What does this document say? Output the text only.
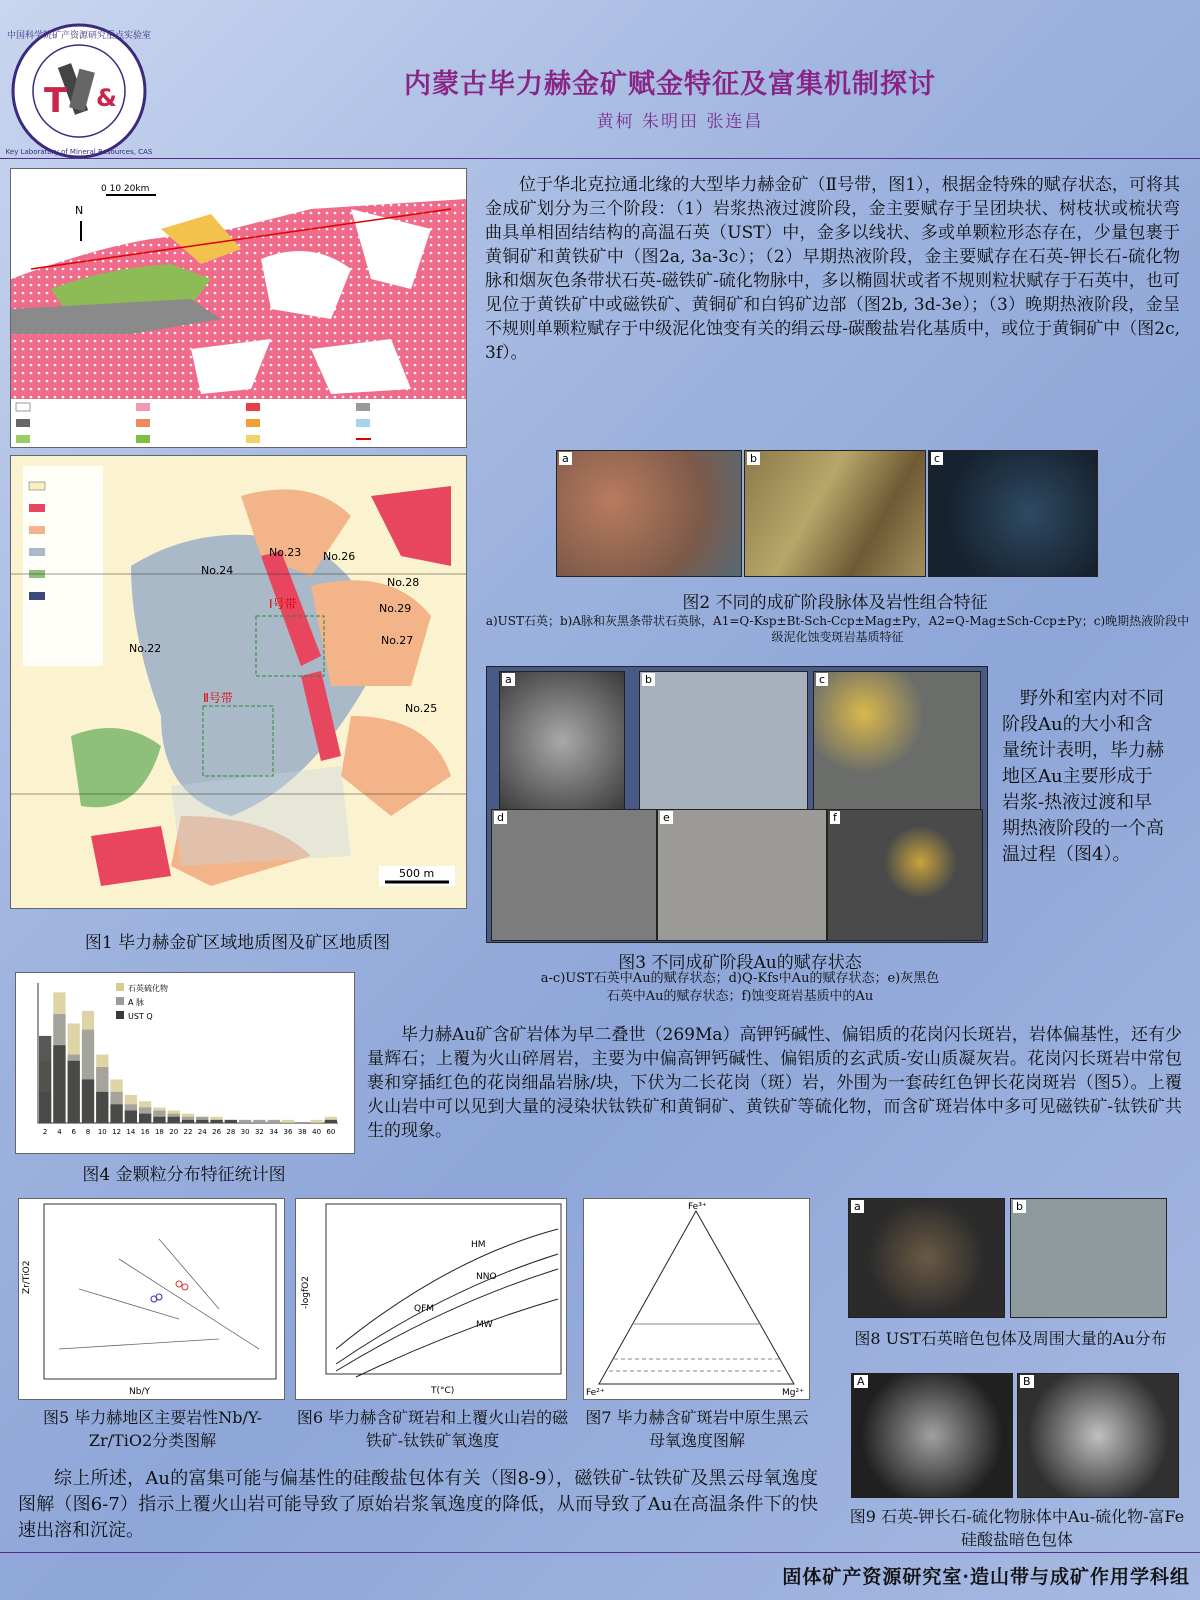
T &
中国科学院矿产资源研究重点实验室
Key Laboratory of Mineral Resources, CAS
内蒙古毕力赫金矿赋金特征及富集机制探讨
黄柯 朱明田 张连昌
N
0 10 20km
Ⅰ号带
Ⅱ号带
No.23 No.26
No.24
No.28
No.29
No.27
No.22
No.25
500 m
图1 毕力赫金矿区域地质图及矿区地质图
位于华北克拉通北缘的大型毕力赫金矿（Ⅱ号带，图1），根据金特殊的赋存状态，可将其金成矿划分为三个阶段：（1）岩浆热液过渡阶段，金主要赋存于呈团块状、树枝状或梳状弯曲具单相固结结构的高温石英（UST）中，金多以线状、多或单颗粒形态存在，少量包裹于黄铜矿和黄铁矿中（图2a, 3a-3c）；（2）早期热液阶段，金主要赋存在石英-钾长石-硫化物脉和烟灰色条带状石英-磁铁矿-硫化物脉中，多以椭圆状或者不规则粒状赋存于石英中，也可见位于黄铁矿中或磁铁矿、黄铜矿和白钨矿边部（图2b, 3d-3e）；（3）晚期热液阶段，金呈不规则单颗粒赋存于中级泥化蚀变有关的绢云母-碳酸盐岩化基质中，或位于黄铜矿中（图2c, 3f）。
a	b	c
图2 不同的成矿阶段脉体及岩性组合特征
a)UST石英；b)A脉和灰黑条带状石英脉，A1=Q-Ksp±Bt-Sch-Ccp±Mag±Py，A2=Q-Mag±Sch-Ccp±Py；c)晚期热液阶段中级泥化蚀变斑岩基质特征
a	b	c
d	e	f
图3 不同成矿阶段Au的赋存状态
a-c)UST石英中Au的赋存状态；d)Q-Kfs中Au的赋存状态；e)灰黑色
石英中Au的赋存状态；f)蚀变斑岩基质中的Au
野外和室内对不同阶段Au的大小和含量统计表明，毕力赫地区Au主要形成于岩浆-热液过渡和早期热液阶段的一个高温过程（图4）。
2 4 6 8 10 12 14 16 18 20 22 24 26 28 30 32 34 36 38 40 60
石英硫化物
A 脉
UST Q
图4 金颗粒分布特征统计图
毕力赫Au矿含矿岩体为早二叠世（269Ma）高钾钙碱性、偏铝质的花岗闪长斑岩，岩体偏基性，还有少量辉石；上覆为火山碎屑岩，主要为中偏高钾钙碱性、偏铝质的玄武质-安山质凝灰岩。花岗闪长斑岩中常包裹和穿插红色的花岗细晶岩脉/块，下伏为二长花岗（斑）岩，外围为一套砖红色钾长花岗斑岩（图5）。上覆火山岩中可以见到大量的浸染状钛铁矿和黄铜矿、黄铁矿等硫化物，而含矿斑岩体中多可见磁铁矿-钛铁矿共生的现象。
Nb/Y
Zr/TiO2
图5 毕力赫地区主要岩性Nb/Y-Zr/TiO2分类图解
HM
NNO
QFM
MW
T(°C)
-logfO2
图6 毕力赫含矿斑岩和上覆火山岩的磁铁矿-钛铁矿氧逸度
Fe³⁺
Fe²⁺	Mg²⁺
图7 毕力赫含矿斑岩中原生黑云母氧逸度图解
综上所述，Au的富集可能与偏基性的硅酸盐包体有关（图8-9），磁铁矿-钛铁矿及黑云母氧逸度图解（图6-7）指示上覆火山岩可能导致了原始岩浆氧逸度的降低，从而导致了Au在高温条件下的快速出溶和沉淀。
a	b
图8 UST石英暗色包体及周围大量的Au分布
A	B
图9 石英-钾长石-硫化物脉体中Au-硫化物-富Fe硅酸盐暗色包体
固体矿产资源研究室·造山带与成矿作用学科组
